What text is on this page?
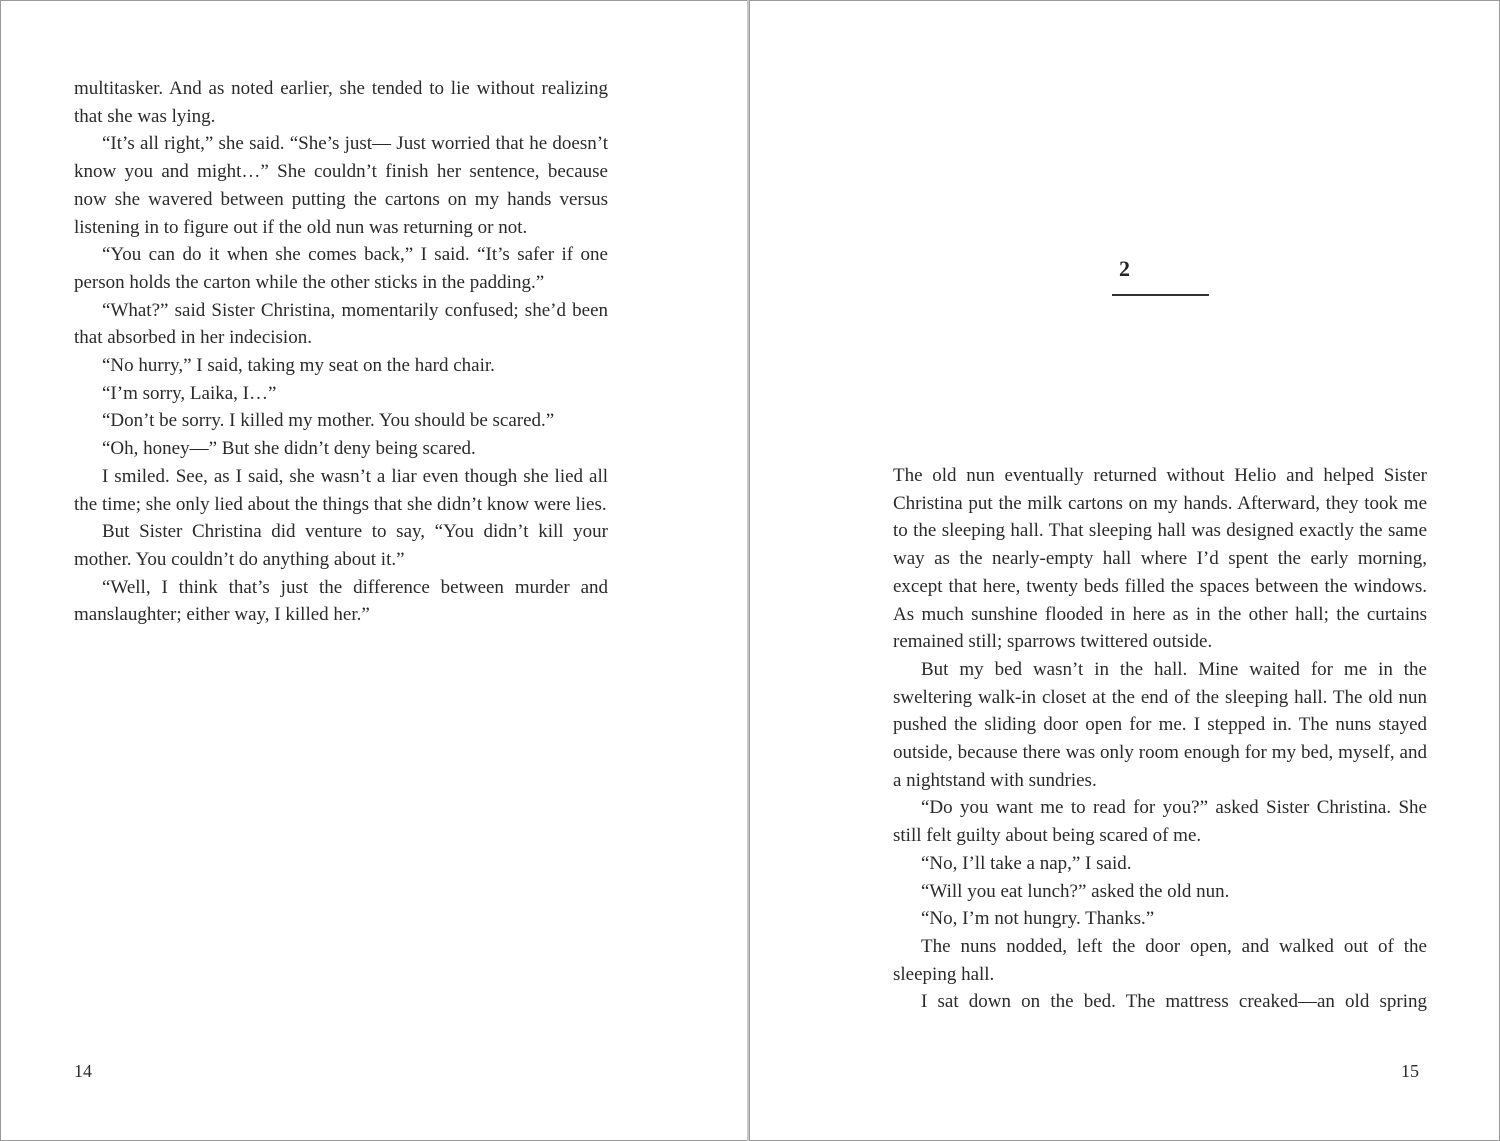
multitasker. And as noted earlier, she tended to lie without realizing that she was lying.

“It’s all right,” she said. “She’s just— Just worried that he doesn’t know you and might…” She couldn’t finish her sentence, because now she wavered between putting the cartons on my hands versus listening in to figure out if the old nun was returning or not.

“You can do it when she comes back,” I said. “It’s safer if one person holds the carton while the other sticks in the padding.”

“What?” said Sister Christina, momentarily confused; she’d been that absorbed in her indecision.

“No hurry,” I said, taking my seat on the hard chair.

“I’m sorry, Laika, I…”

“Don’t be sorry. I killed my mother. You should be scared.”

“Oh, honey—” But she didn’t deny being scared.

I smiled. See, as I said, she wasn’t a liar even though she lied all the time; she only lied about the things that she didn’t know were lies.

But Sister Christina did venture to say, “You didn’t kill your mother. You couldn’t do anything about it.”

“Well, I think that’s just the difference between murder and manslaughter; either way, I killed her.”

14
2

The old nun eventually returned without Helio and helped Sister Christina put the milk cartons on my hands. Afterward, they took me to the sleeping hall. That sleeping hall was designed exactly the same way as the nearly-empty hall where I’d spent the early morning, except that here, twenty beds filled the spaces between the windows. As much sunshine flooded in here as in the other hall; the curtains remained still; sparrows twittered outside.

But my bed wasn’t in the hall. Mine waited for me in the sweltering walk-in closet at the end of the sleeping hall. The old nun pushed the sliding door open for me. I stepped in. The nuns stayed outside, because there was only room enough for my bed, myself, and a nightstand with sundries.

“Do you want me to read for you?” asked Sister Christina. She still felt guilty about being scared of me.

“No, I’ll take a nap,” I said.

“Will you eat lunch?” asked the old nun.

“No, I’m not hungry. Thanks.”

The nuns nodded, left the door open, and walked out of the sleeping hall.

I sat down on the bed. The mattress creaked—an old spring

15
